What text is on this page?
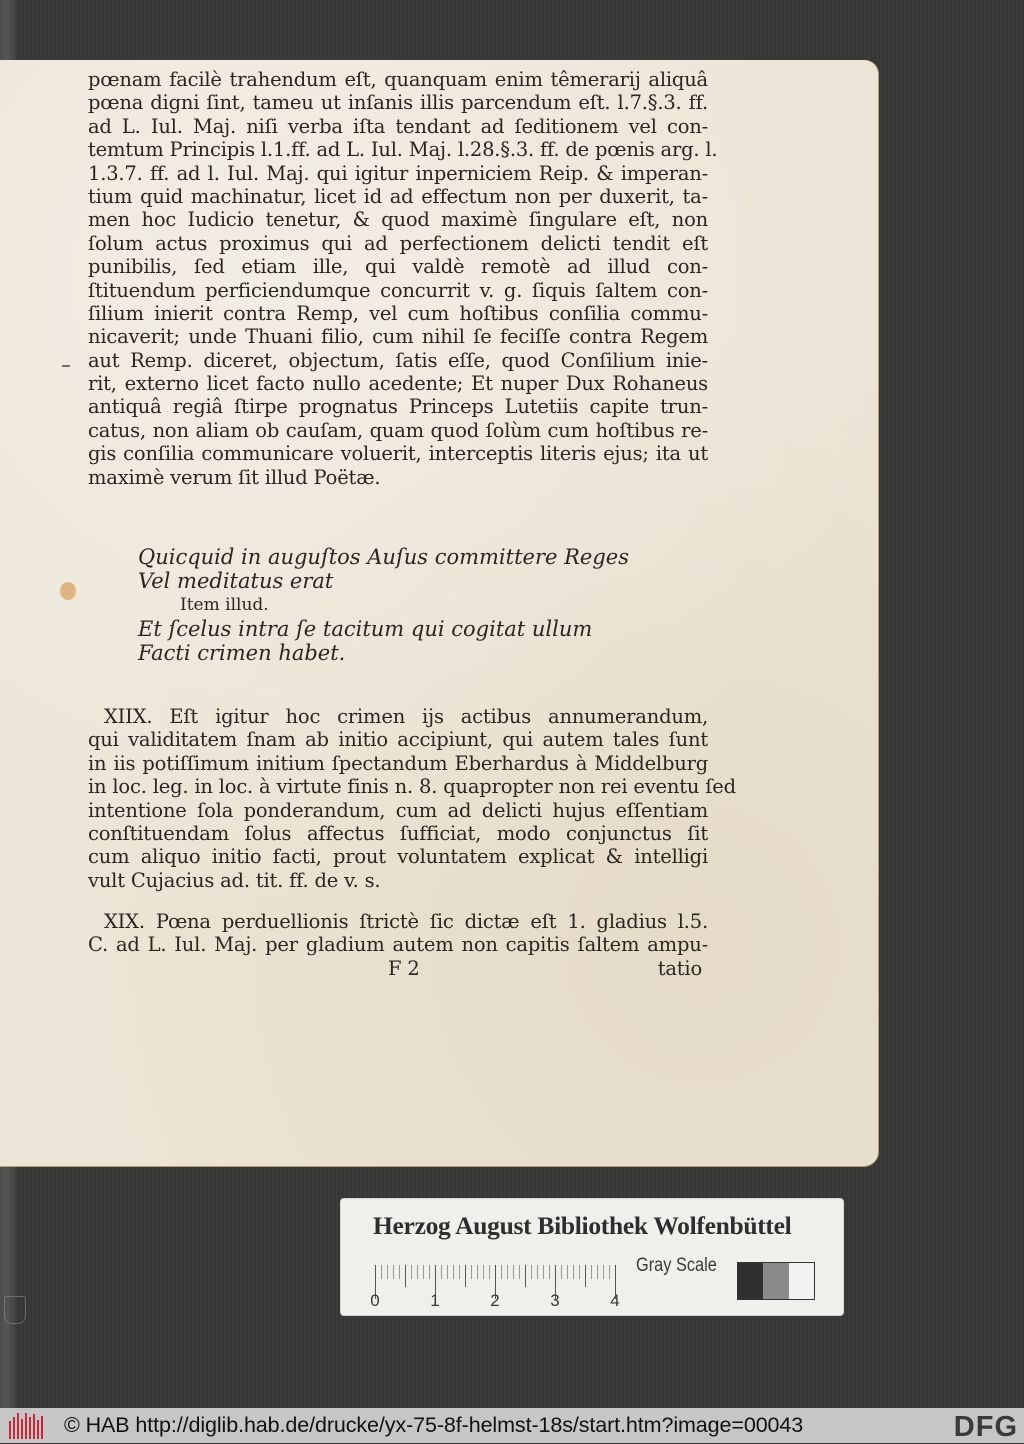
pœnam facilè trahendum eſt, quanquam enim têmerarij aliquâ
pœna digni ſint, tameu ut inſanis illis parcendum eſt. l.7.§.3. ff.
ad L. Iul. Maj. niſi verba iſta tendant ad ſeditionem vel con-
temtum Principis l.1.ff. ad L. Iul. Maj. l.28.§.3. ff. de pœnis arg. l.
1.3.7. ff. ad l. Iul. Maj. qui igitur inperniciem Reip. & imperan-
tium quid machinatur, licet id ad effectum non per duxerit, ta-
men hoc Iudicio tenetur, & quod maximè ſingulare eſt, non
ſolum actus proximus qui ad perfectionem delicti tendit eſt
punibilis, ſed etiam ille, qui valdè remotè ad illud con-
ſtituendum perficiendumque concurrit v. g. ſiquis ſaltem con-
ſilium inierit contra Remp, vel cum hoſtibus conſilia commu-
nicaverit; unde Thuani filio, cum nihil ſe feciſſe contra Regem
aut Remp. diceret, objectum, ſatis eſſe, quod Conſilium inie-
rit, externo licet facto nullo acedente; Et nuper Dux Rohaneus
antiquâ regiâ ſtirpe prognatus Princeps Lutetiis capite trun-
catus, non aliam ob cauſam, quam quod ſolùm cum hoſtibus re-
gis conſilia communicare voluerit, interceptis literis ejus; ita ut
maximè verum ſit illud Poëtæ.
Quicquid in auguſtos Auſus committere Reges
Vel meditatus erat
Item illud.
Et ſcelus intra ſe tacitum qui cogitat ullum
Facti crimen habet.
XIIX. Eſt igitur hoc crimen ijs actibus annumerandum,
qui validitatem ſnam ab initio accipiunt, qui autem tales ſunt
in iis potiſſimum initium ſpectandum Eberhardus à Middelburg
in loc. leg. in loc. à virtute finis n. 8. quapropter non rei eventu ſed
intentione ſola ponderandum, cum ad delicti hujus eſſentiam
conſtituendam ſolus affectus ſufficiat, modo conjunctus ſit
cum aliquo initio facti, prout voluntatem explicat & intelligi
vult Cujacius ad. tit. ff. de v. s.
XIX. Pœna perduellionis ſtrictè ſic dictæ eſt 1. gladius l.5.
C. ad L. Iul. Maj. per gladium autem non capitis ſaltem ampu-
F 2	tatio
Herzog August Bibliothek Wolfenbüttel
0	1	2	3	4
Gray Scale
© HAB http://diglib.hab.de/drucke/yx-75-8f-helmst-18s/start.htm?image=00043	DFG
